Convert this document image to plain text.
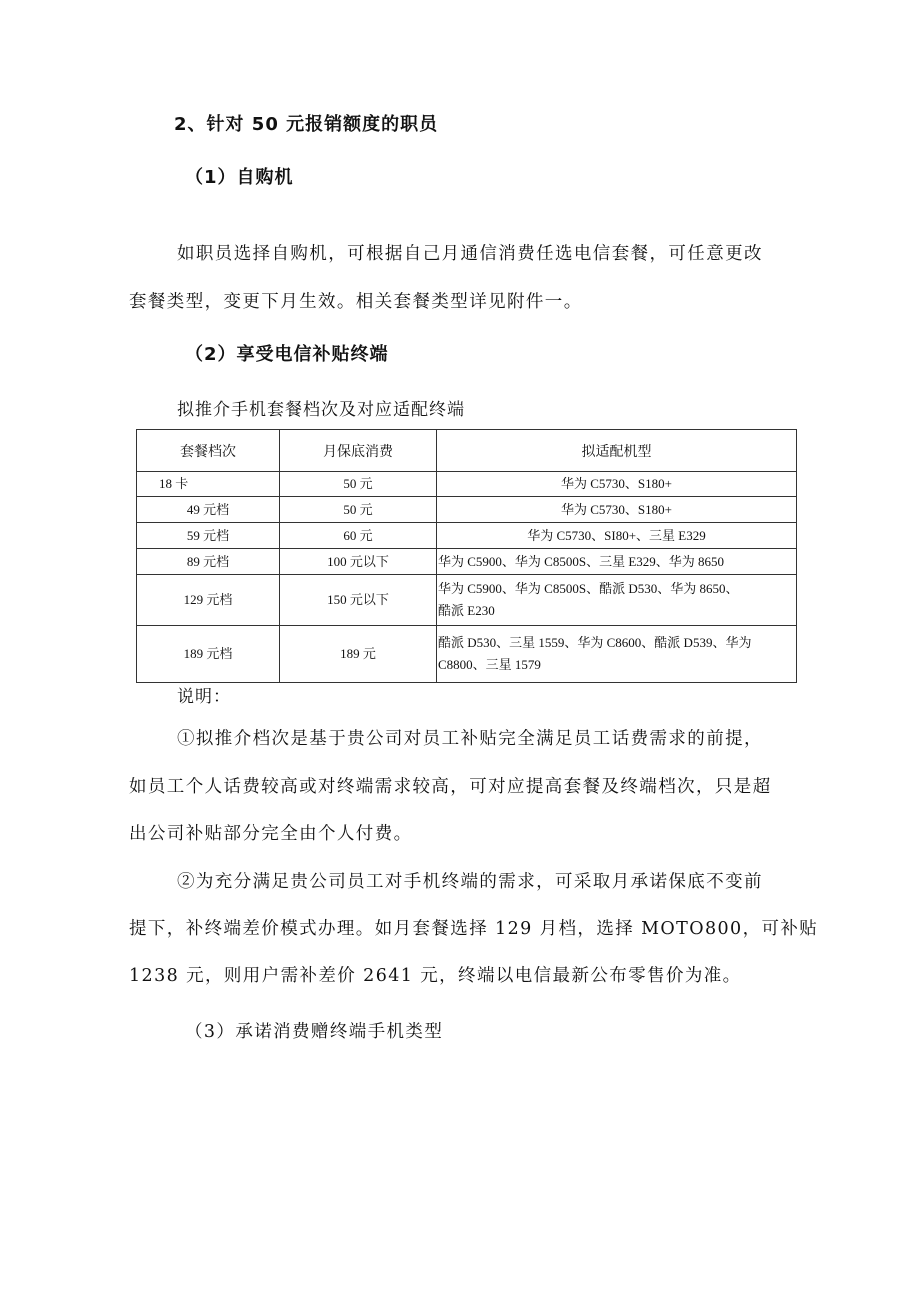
2、针对 50 元报销额度的职员
（1）自购机
如职员选择自购机，可根据自己月通信消费任选电信套餐，可任意更改
套餐类型，变更下月生效。相关套餐类型详见附件一。
（2）享受电信补贴终端
拟推介手机套餐档次及对应适配终端
套餐档次	月保底消费	拟适配机型
18 卡	50 元	华为 C5730、S180+
49 元档	50 元	华为 C5730、S180+
59 元档	60 元	华为 C5730、SI80+、三星 E329
89 元档	100 元以下	华为 C5900、华为 C8500S、三星 E329、华为 8650
129 元档	150 元以下	华为 C5900、华为 C8500S、酷派 D530、华为 8650、
酷派 E230

189 元档	189 元	酷派 D530、三星 1559、华为 C8600、酷派 D539、华为
C8800、三星 1579
说明：
①拟推介档次是基于贵公司对员工补贴完全满足员工话费需求的前提，
如员工个人话费较高或对终端需求较高，可对应提高套餐及终端档次，只是超
出公司补贴部分完全由个人付费。
②为充分满足贵公司员工对手机终端的需求，可采取月承诺保底不变前
提下，补终端差价模式办理。如月套餐选择 129 月档，选择 MOTO800，可补贴
1238 元，则用户需补差价 2641 元，终端以电信最新公布零售价为准。
（3）承诺消费赠终端手机类型
